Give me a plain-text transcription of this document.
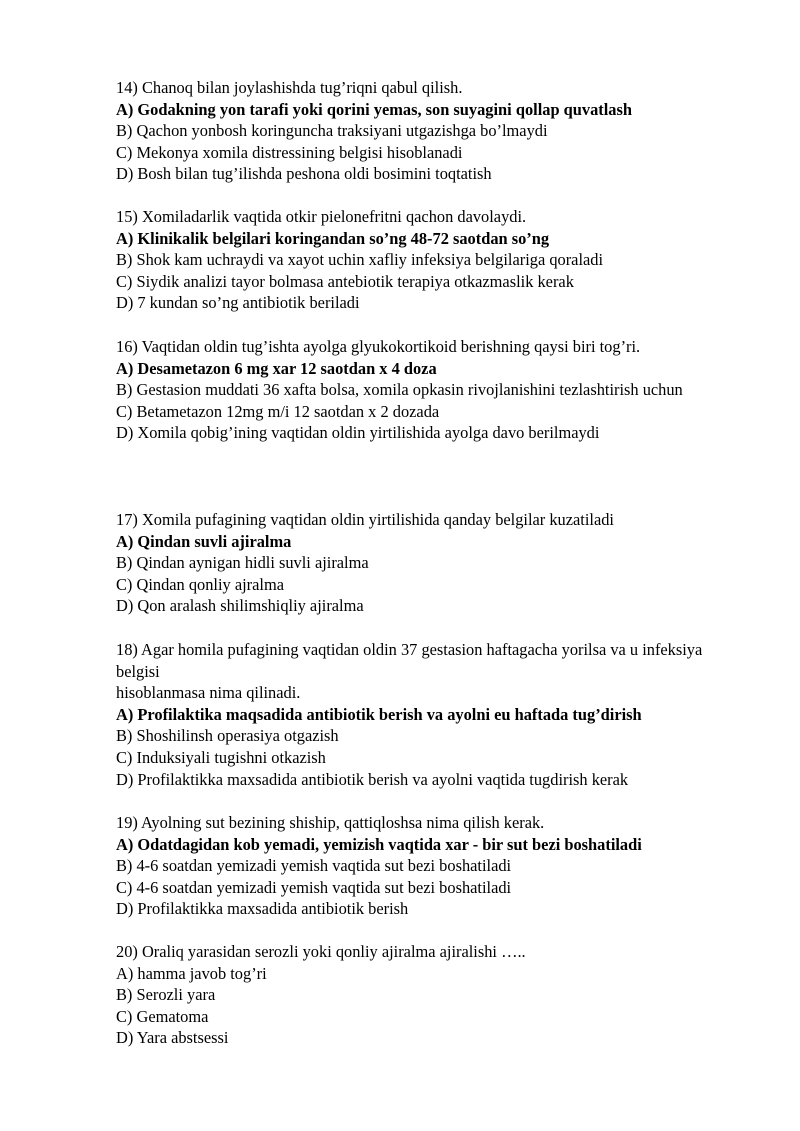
14) Chanoq bilan joylashishda tug’riqni qabul qilish.
A) Godakning yon tarafi yoki qorini yemas, son suyagini qollap quvatlash
B) Qachon yonbosh koringuncha traksiyani utgazishga bo’lmaydi
C) Mekonya xomila distressining belgisi hisoblanadi
D) Bosh bilan tug’ilishda peshona oldi bosimini toqtatish
15) Xomiladarlik vaqtida otkir pielonefritni qachon davolaydi.
A) Klinikalik belgilari koringandan so’ng 48-72 saotdan so’ng
B) Shok kam uchraydi va xayot uchin xafliy infeksiya belgilariga qoraladi
C) Siydik analizi tayor bolmasa antebiotik terapiya otkazmaslik kerak
D) 7 kundan so’ng antibiotik beriladi
16) Vaqtidan oldin tug’ishta ayolga glyukokortikoid berishning qaysi biri tog’ri.
A) Desametazon 6 mg xar 12 saotdan x 4 doza
B) Gestasion muddati 36 xafta bolsa, xomila opkasin rivojlanishini tezlashtirish uchun
C) Betametazon 12mg m/i 12 saotdan x 2 dozada
D) Xomila qobig’ining vaqtidan oldin yirtilishida ayolga davo berilmaydi
17) Xomila pufagining vaqtidan oldin yirtilishida qanday belgilar kuzatiladi
A) Qindan suvli ajiralma
B) Qindan aynigan hidli suvli ajiralma
C) Qindan qonliy ajralma
D) Qon aralash shilimshiqliy ajiralma
18) Agar homila pufagining vaqtidan oldin 37 gestasion haftagacha yorilsa va u infeksiya belgisi
hisoblanmasa nima qilinadi.
A) Profilaktika maqsadida antibiotik berish va ayolni eu haftada tug’dirish
B) Shoshilinsh operasiya otgazish
C) Induksiyali tugishni otkazish
D) Profilaktikka maxsadida antibiotik berish va ayolni vaqtida tugdirish kerak
19) Ayolning sut bezining shiship, qattiqloshsa nima qilish kerak.
A) Odatdagidan kob yemadi, yemizish vaqtida xar - bir sut bezi boshatiladi
B) 4-6 soatdan yemizadi yemish vaqtida sut bezi boshatiladi
C) 4-6 soatdan yemizadi yemish vaqtida sut bezi boshatiladi
D) Profilaktikka maxsadida antibiotik berish
20) Oraliq yarasidan serozli yoki qonliy ajiralma ajiralishi …..
A) hamma javob tog’ri
B) Serozli yara
C) Gematoma
D) Yara abstsessi
